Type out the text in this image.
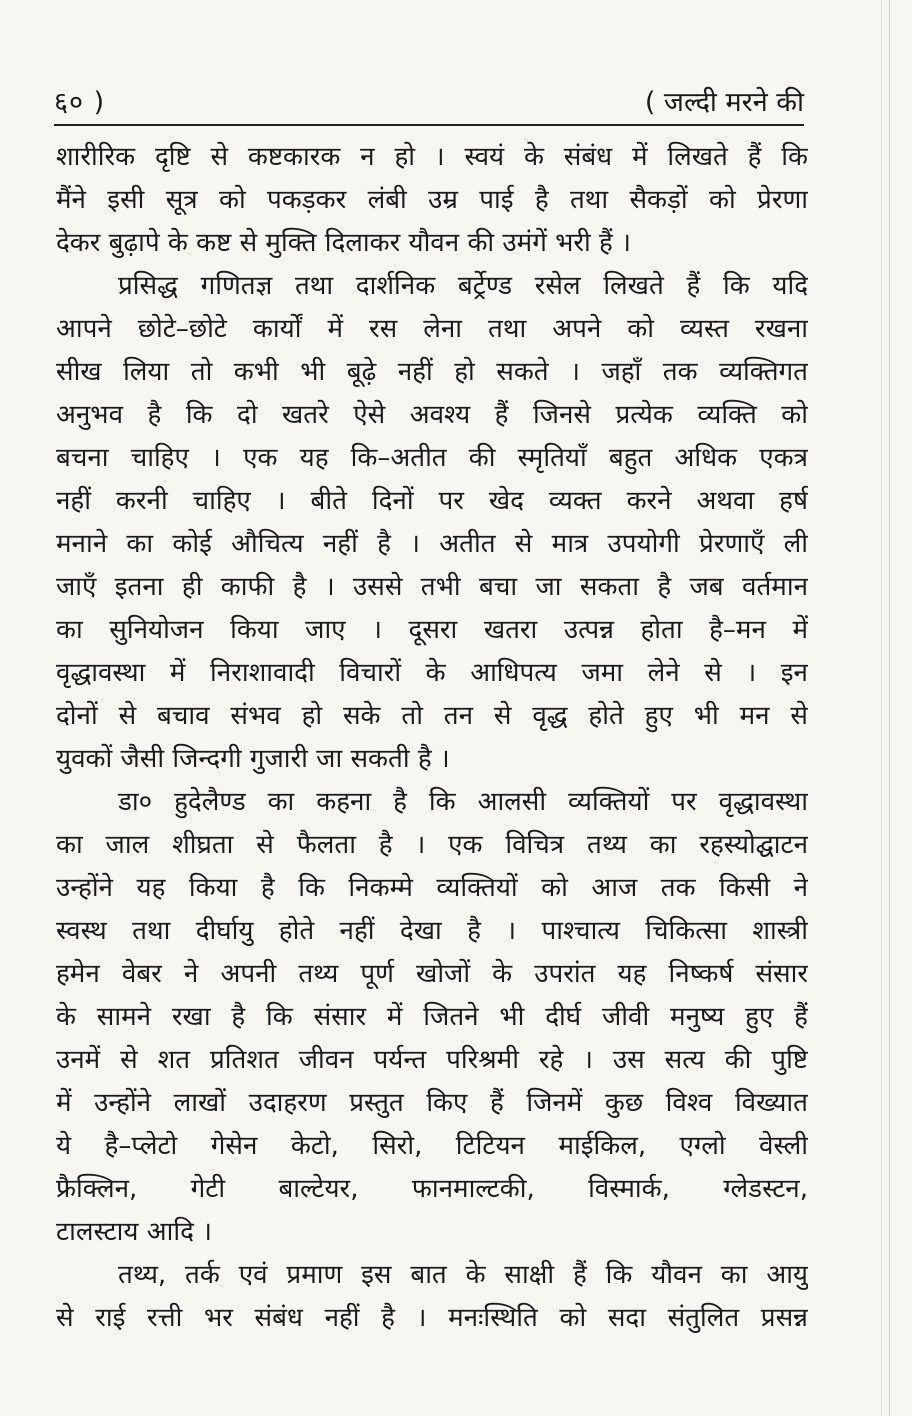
६० )	( जल्दी मरने की
शारीरिक दृष्टि से कष्टकारक न हो । स्वयं के संबंध में लिखते हैं कि
मैंने इसी सूत्र को पकड़कर लंबी उम्र पाई है तथा सैकड़ों को प्रेरणा
देकर बुढ़ापे के कष्ट से मुक्ति दिलाकर यौवन की उमंगें भरी हैं ।
प्रसिद्ध गणितज्ञ तथा दार्शनिक बर्ट्रेण्ड रसेल लिखते हैं कि यदि
आपने छोटे–छोटे कार्यों में रस लेना तथा अपने को व्यस्त रखना
सीख लिया तो कभी भी बूढ़े नहीं हो सकते । जहाँ तक व्यक्तिगत
अनुभव है कि दो खतरे ऐसे अवश्य हैं जिनसे प्रत्येक व्यक्ति को
बचना चाहिए । एक यह कि–अतीत की स्मृतियाँ बहुत अधिक एकत्र
नहीं करनी चाहिए । बीते दिनों पर खेद व्यक्त करने अथवा हर्ष
मनाने का कोई औचित्य नहीं है । अतीत से मात्र उपयोगी प्रेरणाएँ ली
जाएँ इतना ही काफी है । उससे तभी बचा जा सकता है जब वर्तमान
का सुनियोजन किया जाए । दूसरा खतरा उत्पन्न होता है–मन में
वृद्धावस्था में निराशावादी विचारों के आधिपत्य जमा लेने से । इन
दोनों से बचाव संभव हो सके तो तन से वृद्ध होते हुए भी मन से
युवकों जैसी जिन्दगी गुजारी जा सकती है ।
डा० हुदेलैण्ड का कहना है कि आलसी व्यक्तियों पर वृद्धावस्था
का जाल शीघ्रता से फैलता है । एक विचित्र तथ्य का रहस्योद्घाटन
उन्होंने यह किया है कि निकम्मे व्यक्तियों को आज तक किसी ने
स्वस्थ तथा दीर्घायु होते नहीं देखा है । पाश्चात्य चिकित्सा शास्त्री
हमेन वेबर ने अपनी तथ्य पूर्ण खोजों के उपरांत यह निष्कर्ष संसार
के सामने रखा है कि संसार में जितने भी दीर्घ जीवी मनुष्य हुए हैं
उनमें से शत प्रतिशत जीवन पर्यन्त परिश्रमी रहे । उस सत्य की पुष्टि
में उन्होंने लाखों उदाहरण प्रस्तुत किए हैं जिनमें कुछ विश्व विख्यात
ये है–प्लेटो गेसेन केटो, सिरो, टिटियन माईकिल, एग्लो वेस्ली
फ्रैक्लिन, गेटी बाल्टेयर, फानमाल्टकी, विस्मार्क, ग्लेडस्टन,
टालस्टाय आदि ।
तथ्य, तर्क एवं प्रमाण इस बात के साक्षी हैं कि यौवन का आयु
से राई रत्ती भर संबंध नहीं है । मनःस्थिति को सदा संतुलित प्रसन्न
